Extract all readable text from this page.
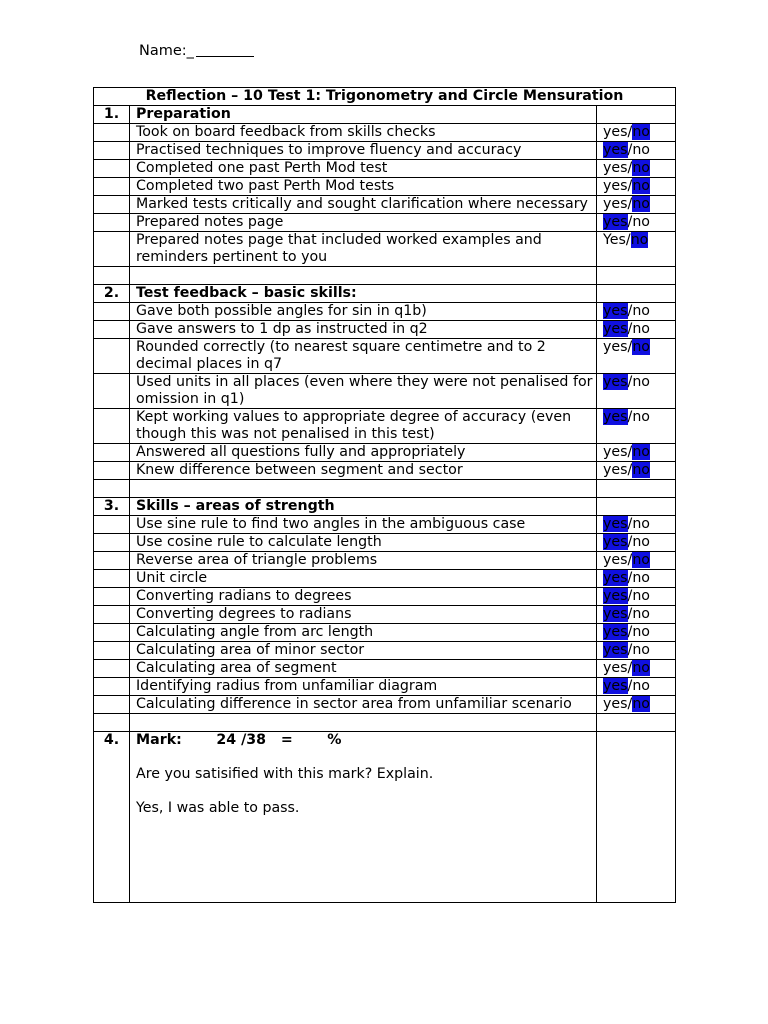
Name:_
Reflection – 10 Test 1: Trigonometry and Circle Mensuration		
1.	Preparation	
	Took on board feedback from skills checks	yes/no
	Practised techniques to improve fluency and accuracy	yes/no
	Completed one past Perth Mod test	yes/no
	Completed two past Perth Mod tests	yes/no
	Marked tests critically and sought clarification where necessary	yes/no
	Prepared notes page	yes/no
	Prepared notes page that included worked examples and reminders pertinent to you	Yes/no

2.	Test feedback – basic skills:	
	Gave both possible angles for sin in q1b)	yes/no
	Gave answers to 1 dp as instructed in q2	yes/no
	Rounded correctly (to nearest square centimetre and to 2 decimal places in q7	yes/no
	Used units in all places (even where they were not penalised for omission in q1)	yes/no
	Kept working values to appropriate degree of accuracy (even though this was not penalised in this test)	yes/no
	Answered all questions fully and appropriately	yes/no
	Knew difference between segment and sector	yes/no

3.	Skills – areas of strength	
	Use sine rule to find two angles in the ambiguous case	yes/no
	Use cosine rule to calculate length	yes/no
	Reverse area of triangle problems	yes/no
	Unit circle	yes/no
	Converting radians to degrees	yes/no
	Converting degrees to radians	yes/no
	Calculating angle from arc length	yes/no
	Calculating area of minor sector	yes/no
	Calculating area of segment	yes/no
	Identifying radius from unfamiliar diagram	yes/no
	Calculating difference in sector area from unfamiliar scenario	yes/no

4.	Mark: 24 /38 = %

Are you satisified with this mark? Explain.

Yes, I was able to pass.	
